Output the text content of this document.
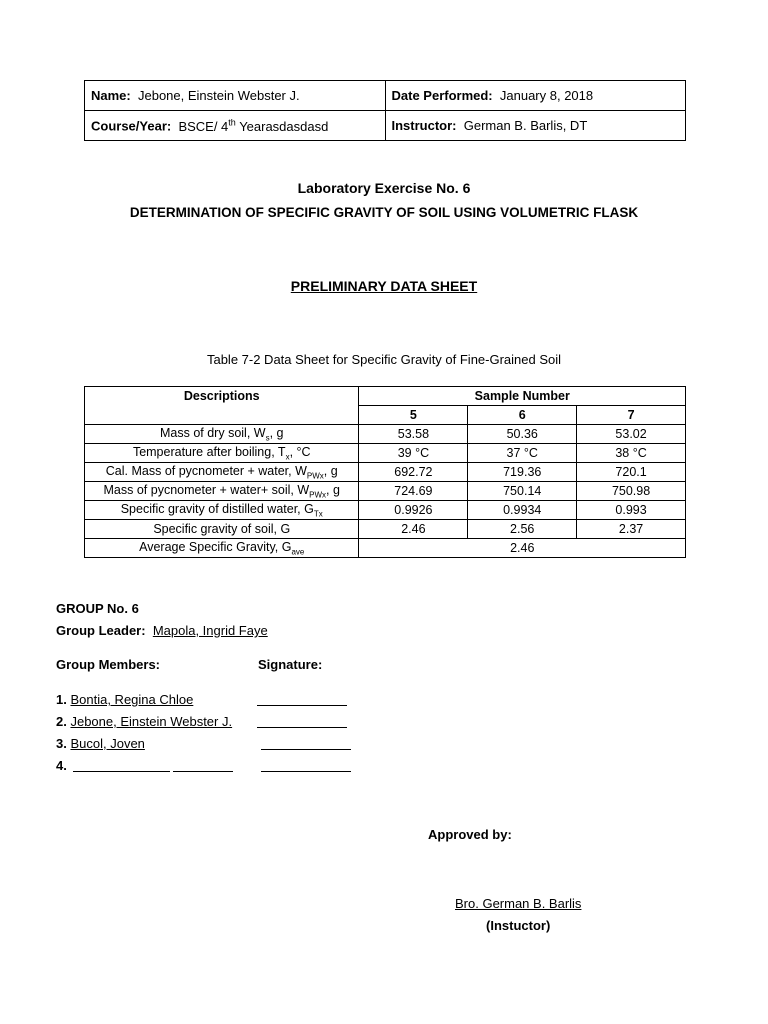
Name: Jebone, Einstein Webster J.	Date Performed: January 8, 2018
Course/Year: BSCE/ 4th Yearasdasdasd	Instructor: German B. Barlis, DT
Laboratory Exercise No. 6
DETERMINATION OF SPECIFIC GRAVITY OF SOIL USING VOLUMETRIC FLASK
PRELIMINARY DATA SHEET
Table 7-2 Data Sheet for Specific Gravity of Fine-Grained Soil
Descriptions	Sample Number		
	5	6	7
Mass of dry soil, $W_s$, g	53.58	50.36	53.02
Temperature after boiling, $T_x$, °C	39 °C	37 °C	38 °C
Cal. Mass of pycnometer + water, $W_{PWx}$, g	692.72	719.36	720.1
Mass of pycnometer + water+ soil, $W_{PWx}$, g	724.69	750.14	750.98
Specific gravity of distilled water, $G_{Tx}$	0.9926	0.9934	0.993
Specific gravity of soil, G	2.46	2.56	2.37
Average Specific Gravity, $G_{ave}$	2.46		
GROUP No. 6
Group Leader: Mapola, Ingrid Faye
Group Members:	Signature:
1. Bontia, Regina Chloe
2. Jebone, Einstein Webster J.
3. Bucol, Joven
4.
Approved by:
Bro. German B. Barlis
(Instuctor)
